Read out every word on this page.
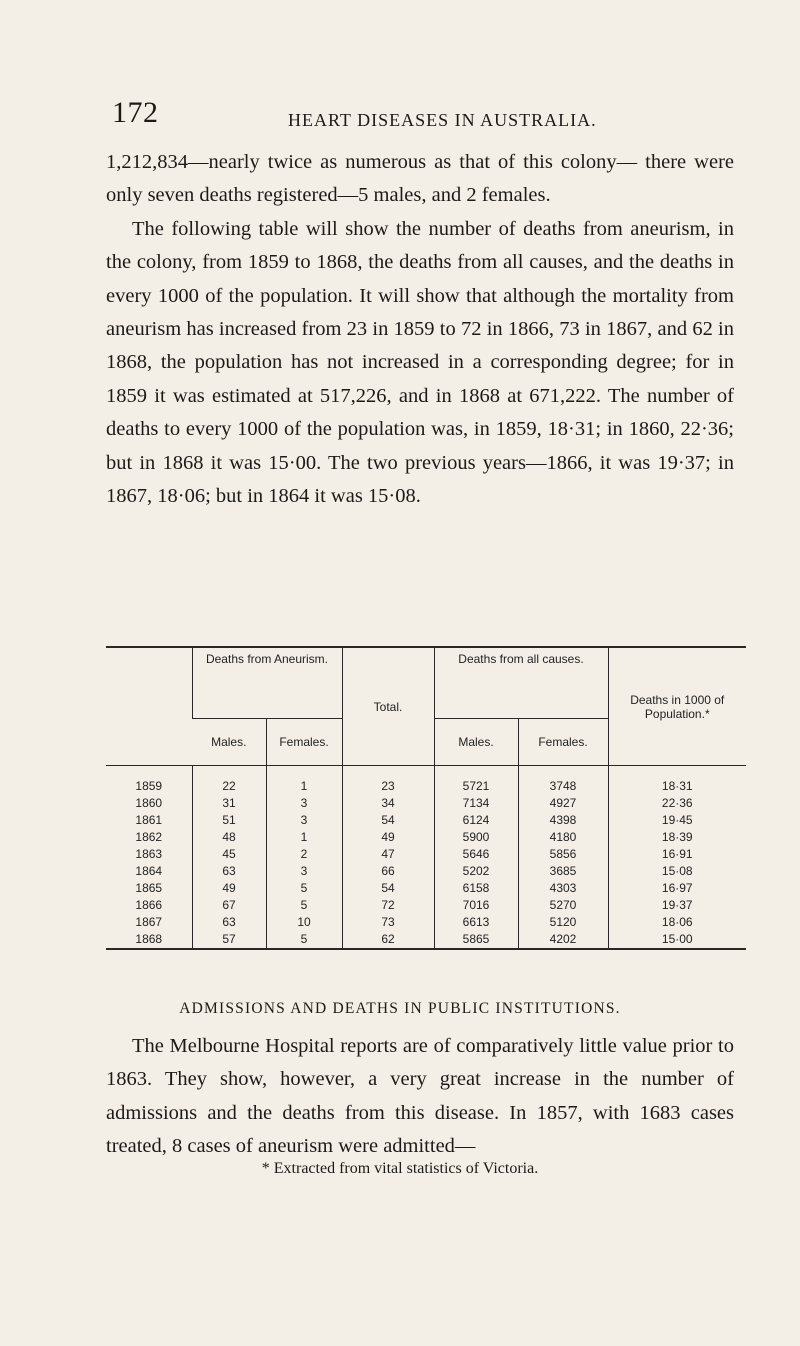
172	HEART DISEASES IN AUSTRALIA.

1,212,834—nearly twice as numerous as that of this colony— there were only seven deaths registered—5 males, and 2 females.

The following table will show the number of deaths from aneurism, in the colony, from 1859 to 1868, the deaths from all causes, and the deaths in every 1000 of the population. It will show that although the mortality from aneurism has increased from 23 in 1859 to 72 in 1866, 73 in 1867, and 62 in 1868, the population has not increased in a corresponding degree; for in 1859 it was estimated at 517,226, and in 1868 at 671,222. The number of deaths to every 1000 of the population was, in 1859, 18·31; in 1860, 22·36; but in 1868 it was 15·00. The two previous years—1866, it was 19·37; in 1867, 18·06; but in 1864 it was 15·08.

	Deaths from Aneurism.		Total.	Deaths from all causes.		Deaths in 1000 of Population.*
	Males.	Females.		Males.	Females.	
1859	22	1	23	5721	3748	18·31
1860	31	3	34	7134	4927	22·36
1861	51	3	54	6124	4398	19·45
1862	48	1	49	5900	4180	18·39
1863	45	2	47	5646	5856	16·91
1864	63	3	66	5202	3685	15·08
1865	49	5	54	6158	4303	16·97
1866	67	5	72	7016	5270	19·37
1867	63	10	73	6613	5120	18·06
1868	57	5	62	5865	4202	15·00
ADMISSIONS AND DEATHS IN PUBLIC INSTITUTIONS.

The Melbourne Hospital reports are of comparatively little value prior to 1863. They show, however, a very great increase in the number of admissions and the deaths from this disease. In 1857, with 1683 cases treated, 8 cases of aneurism were admitted—

* Extracted from vital statistics of Victoria.
